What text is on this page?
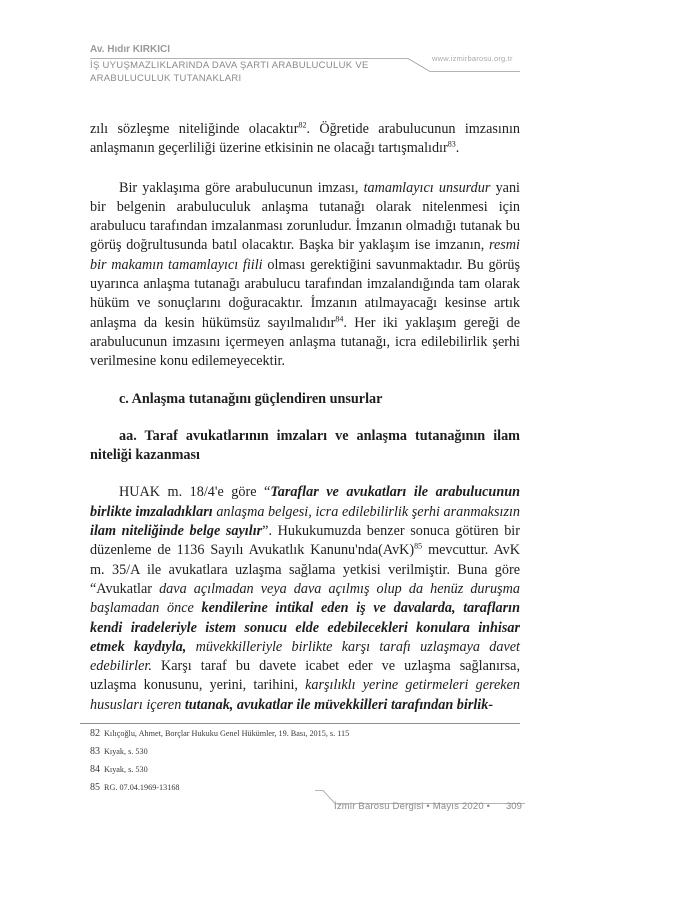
Av. Hıdır KIRKICI
İŞ UYUŞMAZLIKLARINDA DAVA ŞARTI ARABULUCULUK VE
ARABULUCULUK TUTANAKLARI
www.izmirbarosu.org.tr

zılı sözleşme niteliğinde olacaktır$^{82}$. Öğretide arabulucunun imzasının anlaşmanın geçerliliği üzerine etkisinin ne olacağı tartışmalıdır$^{83}$.

Bir yaklaşıma göre arabulucunun imzası, tamamlayıcı unsurdur yani bir belgenin arabuluculuk anlaşma tutanağı olarak nitelenmesi için arabulucu tarafından imzalanması zorunludur. İmzanın olmadığı tutanak bu görüş doğrultusunda batıl olacaktır. Başka bir yaklaşım ise imzanın, resmi bir makamın tamamlayıcı fiili olması gerektiğini savunmaktadır. Bu görüş uyarınca anlaşma tutanağı arabulucu tarafından imzalandığında tam olarak hüküm ve sonuçlarını doğuracaktır. İmzanın atılmayacağı kesinse artık anlaşma da kesin hükümsüz sayılmalıdır$^{84}$. Her iki yaklaşım gereği de arabulucunun imzasını içermeyen anlaşma tutanağı, icra edilebilirlik şerhi verilmesine konu edilemeyecektir.

c. Anlaşma tutanağını güçlendiren unsurlar

aa. Taraf avukatlarının imzaları ve anlaşma tutanağının ilam niteliği kazanması

HUAK m. 18/4'e göre “Taraflar ve avukatları ile arabulucunun birlikte imzaladıkları anlaşma belgesi, icra edilebilirlik şerhi aranmaksızın ilam niteliğinde belge sayılır”. Hukukumuzda benzer sonuca götüren bir düzenleme de 1136 Sayılı Avukatlık Kanunu'nda(AvK)$^{85}$ mevcuttur. AvK m. 35/A ile avukatlara uzlaşma sağlama yetkisi verilmiştir. Buna göre “Avukatlar dava açılmadan veya dava açılmış olup da henüz duruşma başlamadan önce kendilerine intikal eden iş ve davalarda, tarafların kendi iradeleriyle istem sonucu elde edebilecekleri konulara inhisar etmek kaydıyla, müvekkilleriyle birlikte karşı tarafı uzlaşmaya davet edebilirler. Karşı taraf bu davete icabet eder ve uzlaşma sağlanırsa, uzlaşma konusunu, yerini, tarihini, karşılıklı yerine getirmeleri gereken hususları içeren tutanak, avukatlar ile müvekkilleri tarafından birlik-

82 Kılıçoğlu, Ahmet, Borçlar Hukuku Genel Hükümler, 19. Bası, 2015, s. 115
83 Kıyak, s. 530
84 Kıyak, s. 530
85 RG. 07.04.1969-13168
İzmir Barosu Dergisi • Mayıs 2020 • 309
